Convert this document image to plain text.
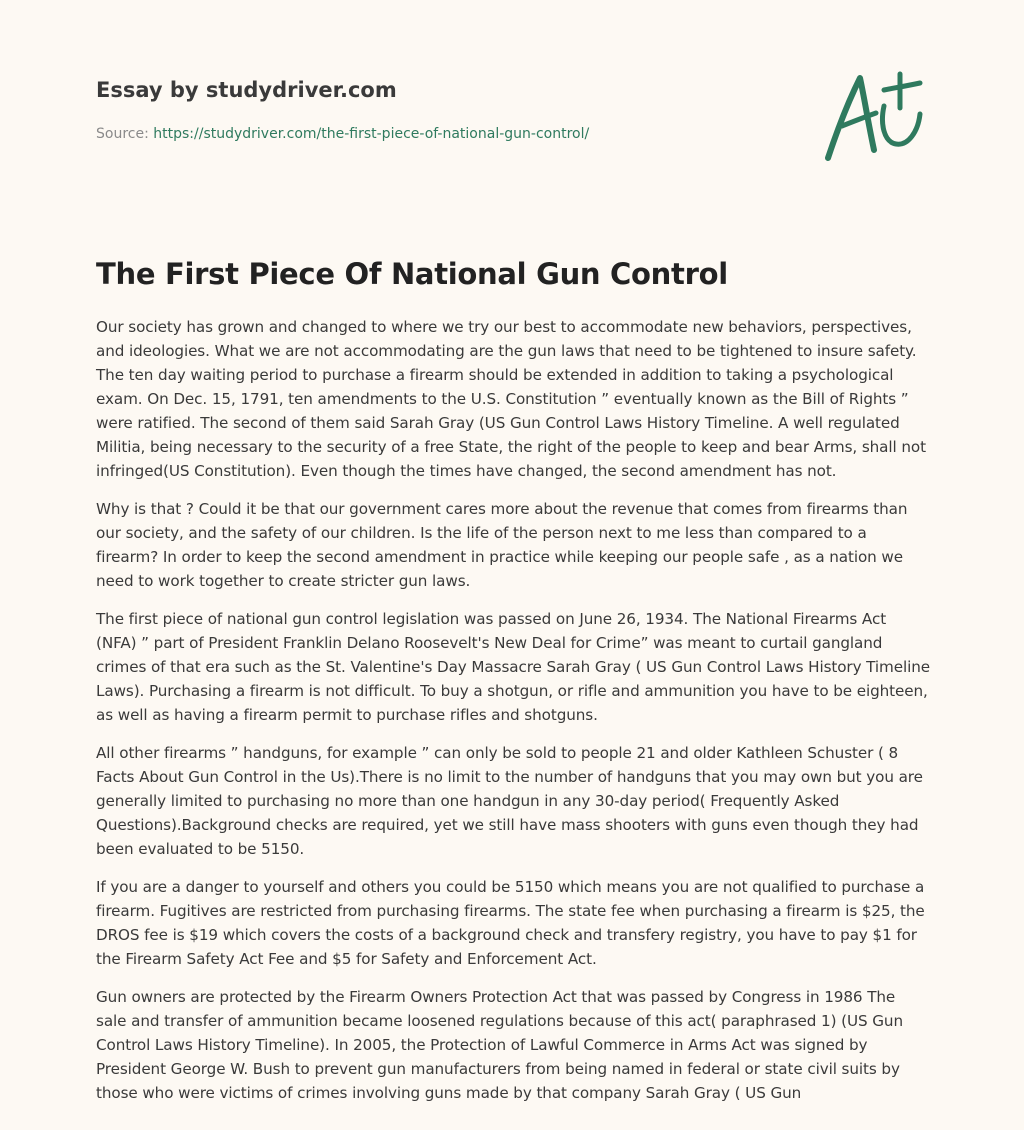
Essay by studydriver.com
Source: https://studydriver.com/the-first-piece-of-national-gun-control/
The First Piece Of National Gun Control

Our society has grown and changed to where we try our best to accommodate new behaviors, perspectives, and ideologies. What we are not accommodating are the gun laws that need to be tightened to insure safety. The ten day waiting period to purchase a firearm should be extended in addition to taking a psychological exam. On Dec. 15, 1791, ten amendments to the U.S. Constitution ” eventually known as the Bill of Rights ” were ratified. The second of them said Sarah Gray (US Gun Control Laws History Timeline. A well regulated Militia, being necessary to the security of a free State, the right of the people to keep and bear Arms, shall not infringed(US Constitution). Even though the times have changed, the second amendment has not.

Why is that ? Could it be that our government cares more about the revenue that comes from firearms than our society, and the safety of our children. Is the life of the person next to me less than compared to a firearm? In order to keep the second amendment in practice while keeping our people safe , as a nation we need to work together to create stricter gun laws.

The first piece of national gun control legislation was passed on June 26, 1934. The National Firearms Act (NFA) ” part of President Franklin Delano Roosevelt's New Deal for Crime” was meant to curtail gangland crimes of that era such as the St. Valentine's Day Massacre Sarah Gray ( US Gun Control Laws History Timeline Laws). Purchasing a firearm is not difficult. To buy a shotgun, or rifle and ammunition you have to be eighteen, as well as having a firearm permit to purchase rifles and shotguns.

All other firearms ” handguns, for example ” can only be sold to people 21 and older Kathleen Schuster ( 8 Facts About Gun Control in the Us).There is no limit to the number of handguns that you may own but you are generally limited to purchasing no more than one handgun in any 30-day period( Frequently Asked Questions).Background checks are required, yet we still have mass shooters with guns even though they had been evaluated to be 5150.

If you are a danger to yourself and others you could be 5150 which means you are not qualified to purchase a firearm. Fugitives are restricted from purchasing firearms. The state fee when purchasing a firearm is $25, the DROS fee is $19 which covers the costs of a background check and transfery registry, you have to pay $1 for the Firearm Safety Act Fee and $5 for Safety and Enforcement Act.

Gun owners are protected by the Firearm Owners Protection Act that was passed by Congress in 1986 The sale and transfer of ammunition became loosened regulations because of this act( paraphrased 1) (US Gun Control Laws History Timeline). In 2005, the Protection of Lawful Commerce in Arms Act was signed by President George W. Bush to prevent gun manufacturers from being named in federal or state civil suits by those who were victims of crimes involving guns made by that company Sarah Gray ( US Gun
